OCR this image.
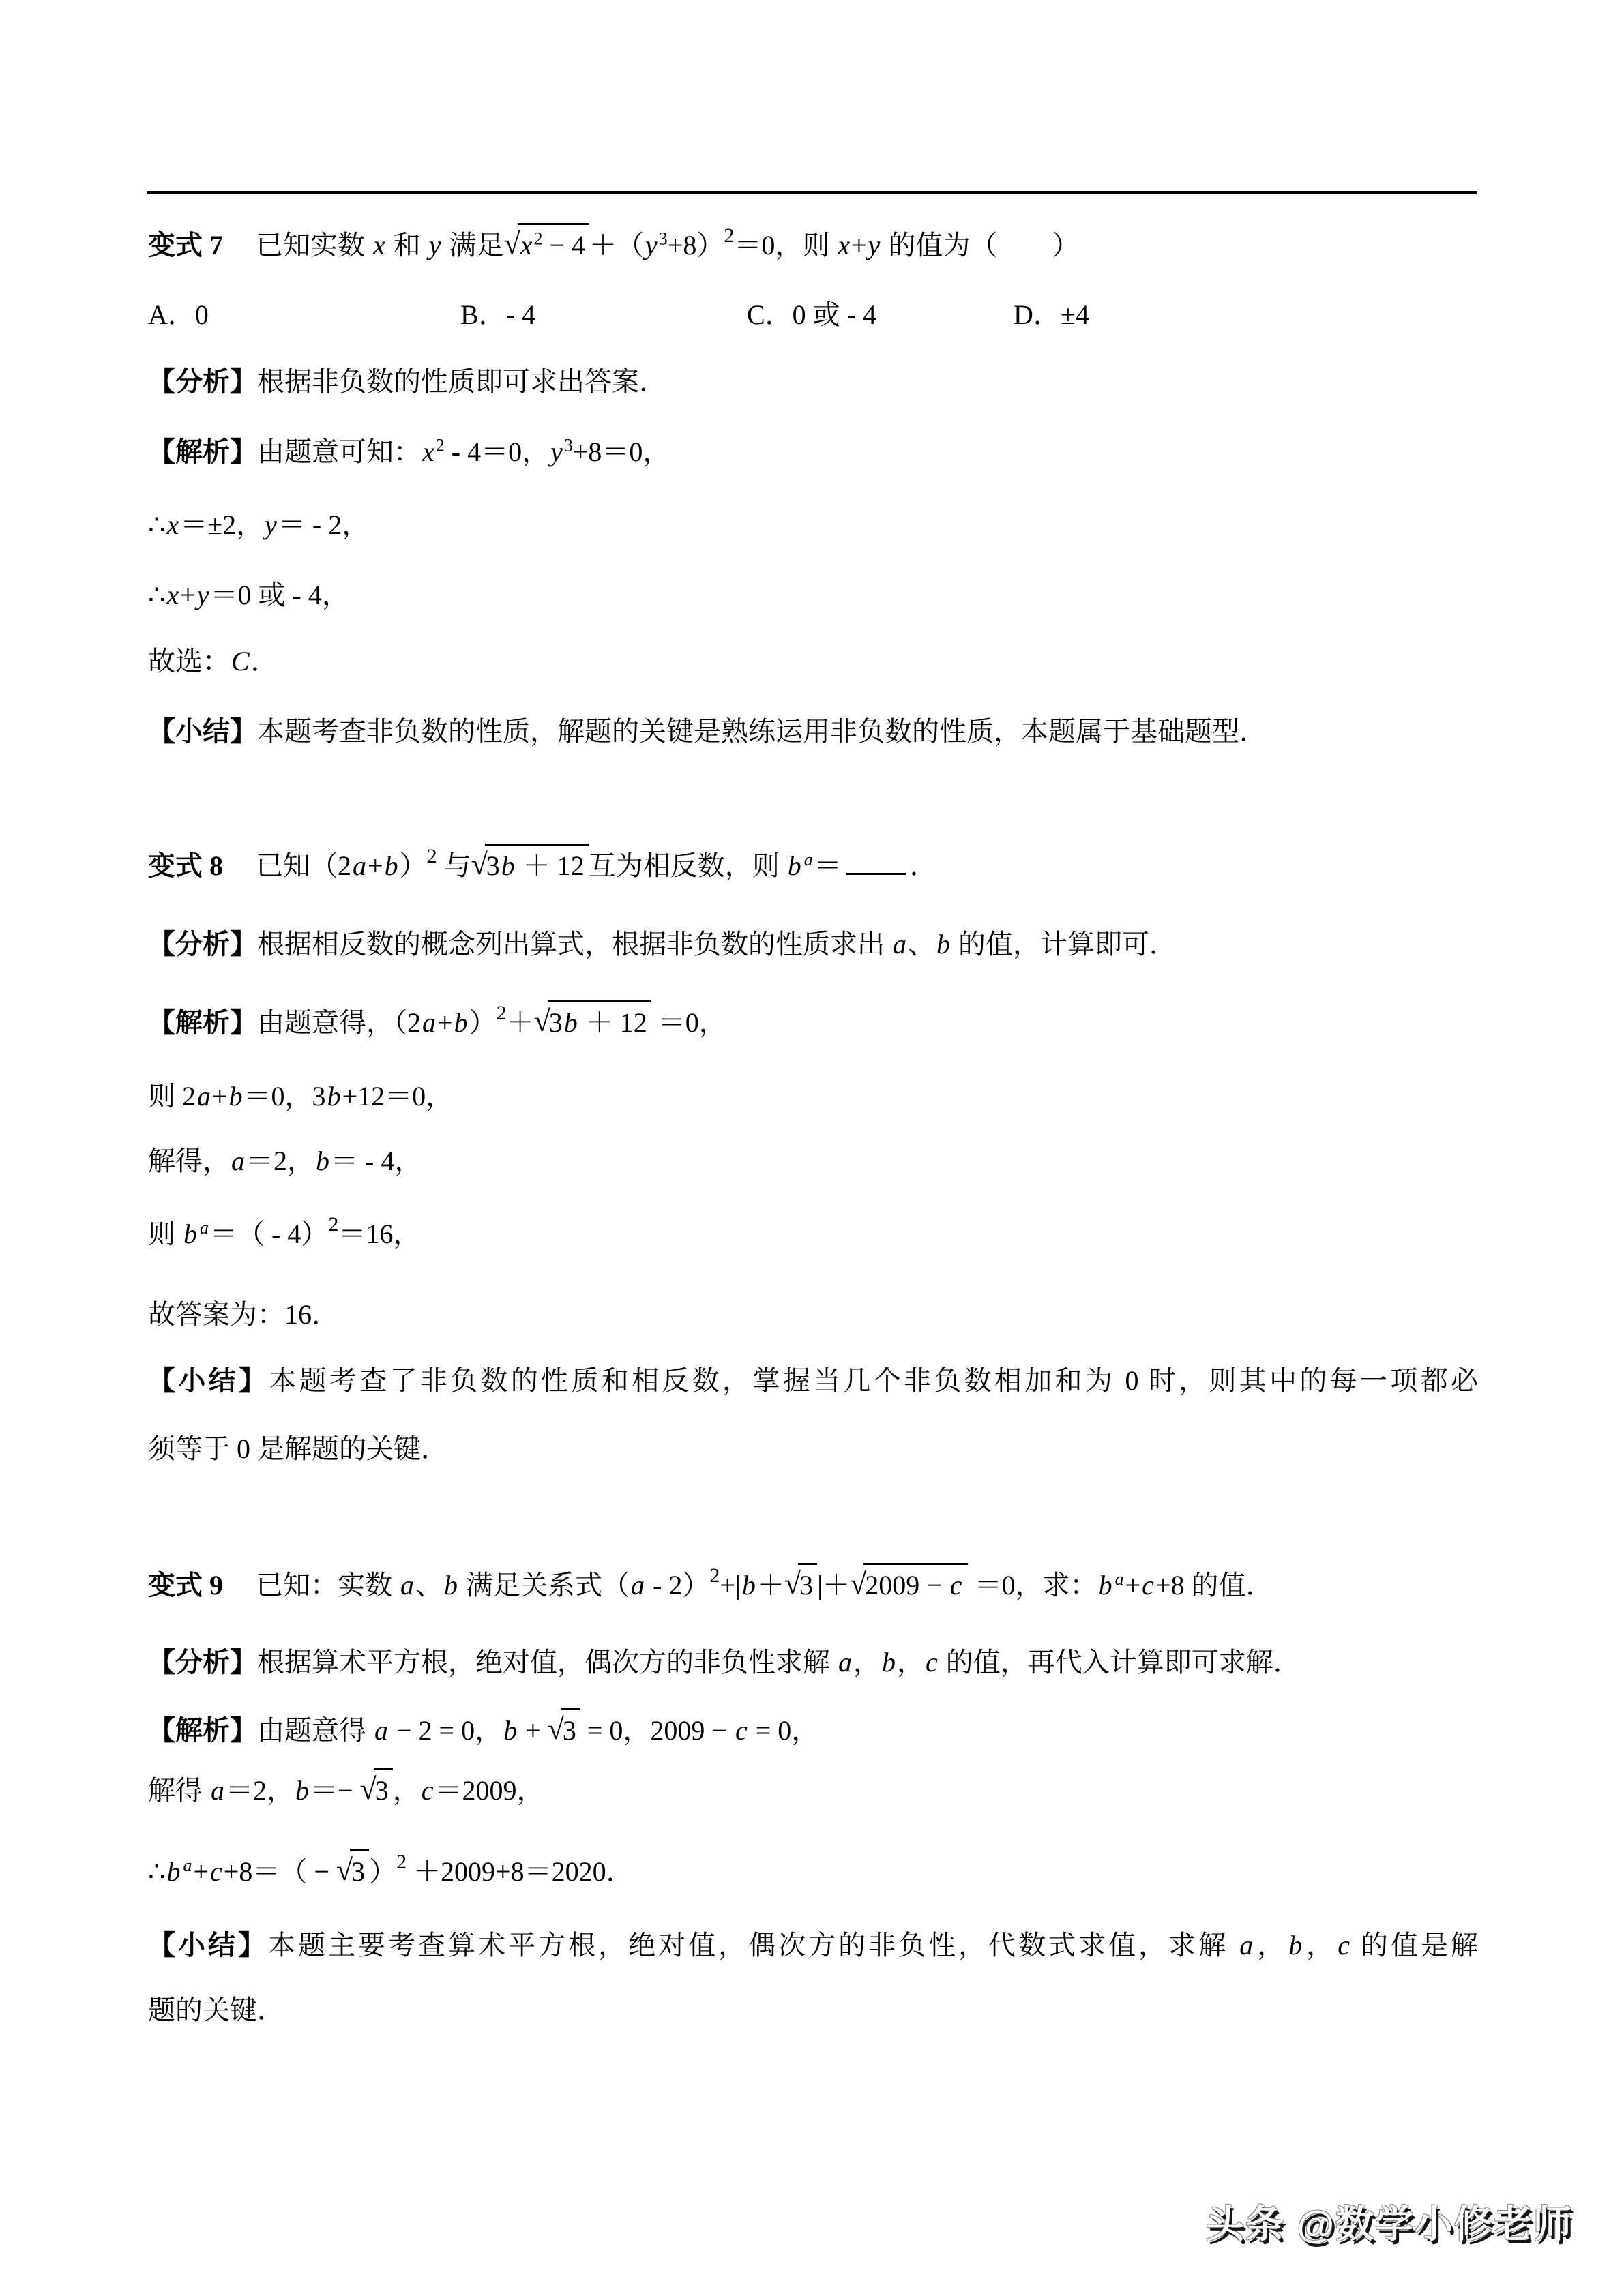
变式 7 已知实数 x 和 y 满足$√x^2 - 4 +(y^3+8)^2=0$，则 x+y 的值为（　　）
A．0	B．- 4	C．0 或 - 4	D．±4
【分析】根据非负数的性质即可求出答案．
【解析】由题意可知：$x^2 - 4=0$，$y^3+8=0$，
∴x＝±2，y＝ - 2，
∴x+y＝0 或 - 4，
故选：C．
【小结】本题考查非负数的性质，解题的关键是熟练运用非负数的性质，本题属于基础题型．
变式 8 已知$(2a+b)^2$ 与√3b ＋ 12 互为相反数，则 b $^a$＝	．
【分析】根据相反数的概念列出算式，根据非负数的性质求出 a、b 的值，计算即可．
【解析】由题意得，$(2a+b)^2+√3b + 12 =0$，
则 2a+b＝0，3b+12＝0，
解得，a＝2，b＝ - 4，
则 b $^a$＝（ - 4）$^2$＝16，
故答案为：16．
【小结】本题考查了非负数的性质和相反数，掌握当几个非负数相加和为 0 时，则其中的每一项都必
须等于 0 是解题的关键．
变式 9 已知：实数 a、b 满足关系式（a - 2）$^2$+|b＋√3 |＋√2009 − c ＝0，求：b $^a$+c+8 的值．
【分析】根据算术平方根，绝对值，偶次方的非负性求解 a，b，c 的值，再代入计算即可求解．
【解析】由题意得 a − 2 = 0，b + √3 = 0，2009 − c = 0，
解得 a＝2，b＝− √3 ，c＝2009，
∴b $^a$+c+8＝（ − √3 ）$^2$ ＋2009+8＝2020．
【小结】本题主要考查算术平方根，绝对值，偶次方的非负性，代数式求值，求解 a，b，c 的值是解
题的关键．
头条 @数学小修老师
